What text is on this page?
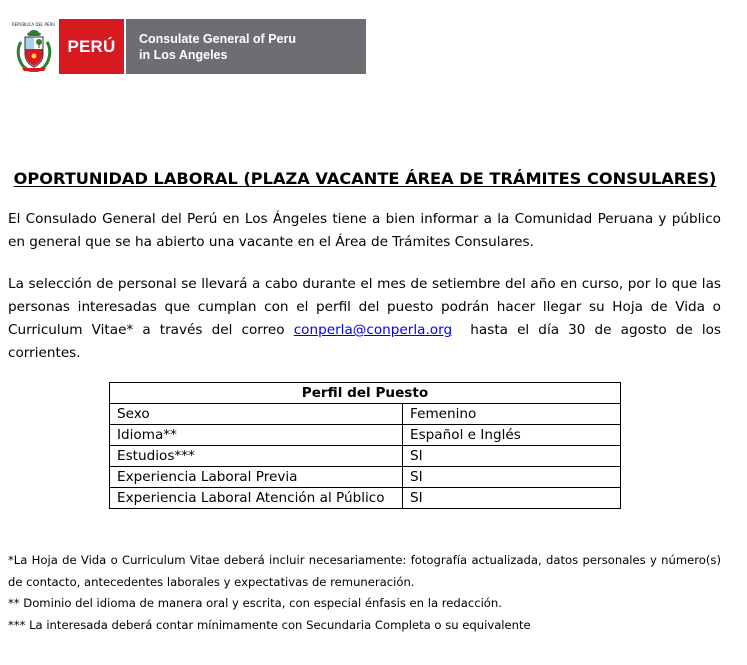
REPÚBLICA DEL PERÚ
PERÚ Consulate General of Peru
in Los Angeles
OPORTUNIDAD LABORAL (PLAZA VACANTE ÁREA DE TRÁMITES CONSULARES)

El Consulado General del Perú en Los Ángeles tiene a bien informar a la Comunidad Peruana y público en general que se ha abierto una vacante en el Área de Trámites Consulares.

La selección de personal se llevará a cabo durante el mes de setiembre del año en curso, por lo que las personas interesadas que cumplan con el perfil del puesto podrán hacer llegar su Hoja de Vida o Curriculum Vitae* a través del correo conperla@conperla.org  hasta el día 30 de agosto de los corrientes.

Perfil del Puesto	
Sexo	Femenino
Idioma**	Español e Inglés
Estudios***	SI
Experiencia Laboral Previa	SI
Experiencia Laboral Atención al Público	SI
*La Hoja de Vida o Curriculum Vitae deberá incluir necesariamente: fotografía actualizada, datos personales y número(s) de contacto, antecedentes laborales y expectativas de remuneración.
** Dominio del idioma de manera oral y escrita, con especial énfasis en la redacción.
*** La interesada deberá contar mínimamente con Secundaria Completa o su equivalente
